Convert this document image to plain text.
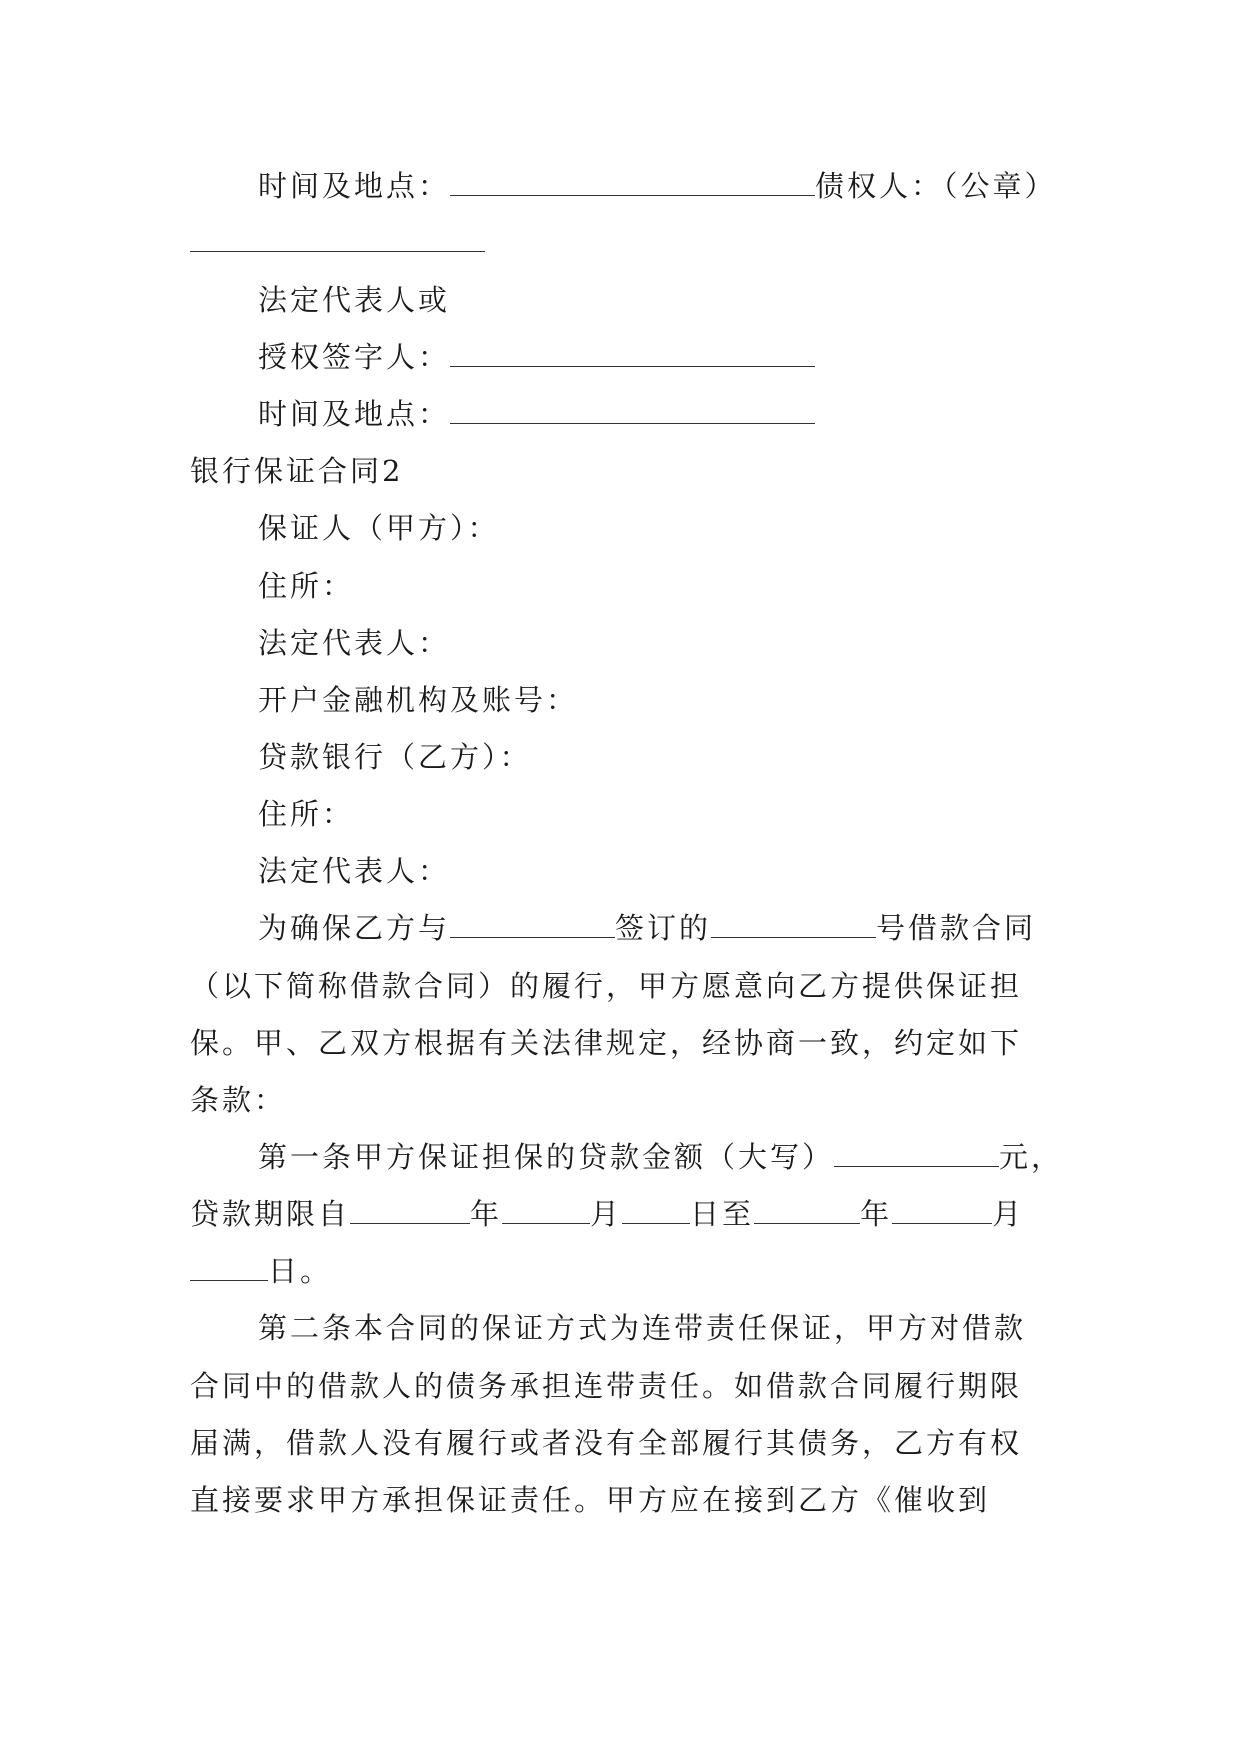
时间及地点：	债权人：（公章）
法定代表人或
授权签字人：
时间及地点：
银行保证合同2
保证人（甲方）：
住所：
法定代表人：
开户金融机构及账号：
贷款银行（乙方）：
住所：
法定代表人：
为确保乙方与	签订的	号借款合同
（以下简称借款合同）的履行，甲方愿意向乙方提供保证担
保。甲、乙双方根据有关法律规定，经协商一致，约定如下
条款：
第一条甲方保证担保的贷款金额（大写）	元，
贷款期限自	年	月 日至	年	月
日。
第二条本合同的保证方式为连带责任保证，甲方对借款
合同中的借款人的债务承担连带责任。如借款合同履行期限
届满，借款人没有履行或者没有全部履行其债务，乙方有权
直接要求甲方承担保证责任。甲方应在接到乙方《催收到
